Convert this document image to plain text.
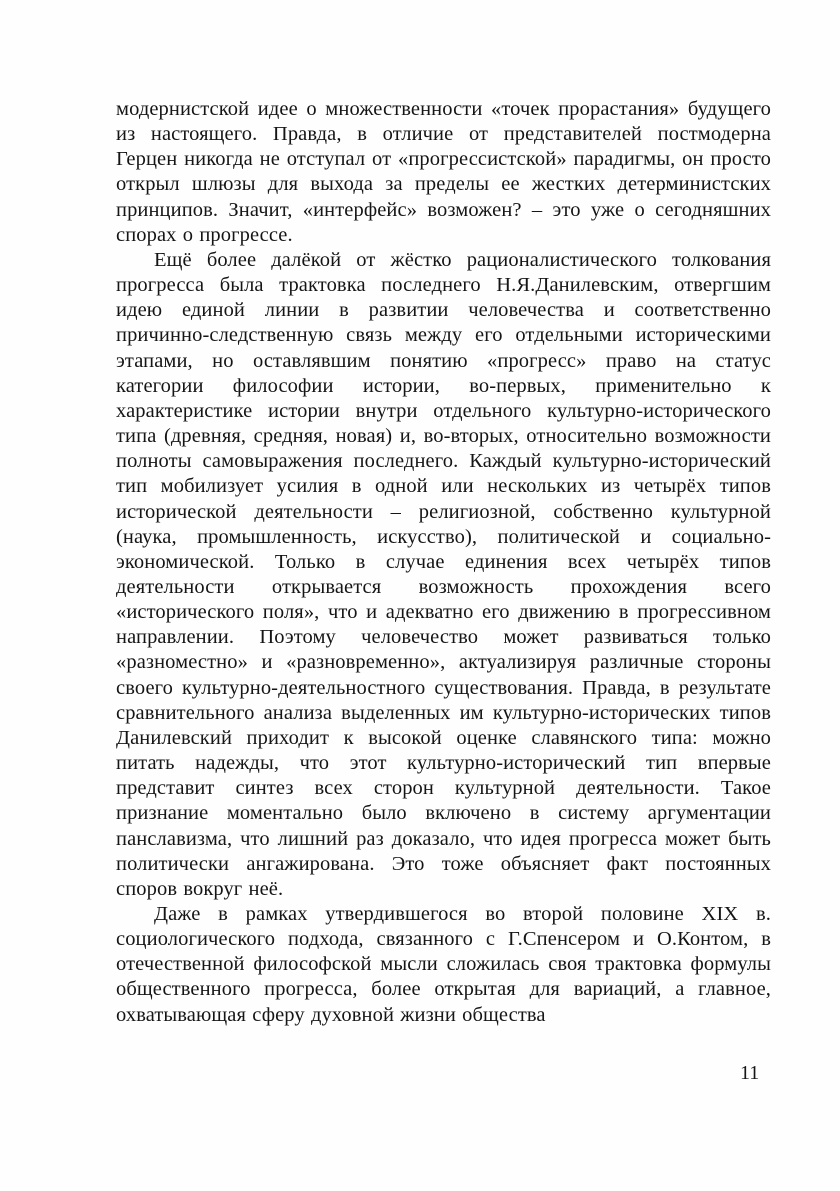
модернистской идее о множественности «точек прорастания» будущего из настоящего. Правда, в отличие от представителей постмодерна Герцен никогда не отступал от «прогрессистской» парадигмы, он просто открыл шлюзы для выхода за пределы ее жестких детерминистских принципов. Значит, «интерфейс» возможен? – это уже о сегодняшних спорах о прогрессе.

Ещё более далёкой от жёстко рационалистического толкования прогресса была трактовка последнего Н.Я.Данилевским, отвергшим идею единой линии в развитии человечества и соответственно причинно-следственную связь между его отдельными историческими этапами, но оставлявшим понятию «прогресс» право на статус категории философии истории, во-первых, применительно к характеристике истории внутри отдельного культурно-исторического типа (древняя, средняя, новая) и, во-вторых, относительно возможности полноты самовыражения последнего. Каждый культурно-исторический тип мобилизует усилия в одной или нескольких из четырёх типов исторической деятельности – религиозной, собственно культурной (наука, промышленность, искусство), политической и социально-экономической. Только в случае единения всех четырёх типов деятельности открывается возможность прохождения всего «исторического поля», что и адекватно его движению в прогрессивном направлении. Поэтому человечество может развиваться только «разноместно» и «разновременно», актуализируя различные стороны своего культурно-деятельностного существования. Правда, в результате сравнительного анализа выделенных им культурно-исторических типов Данилевский приходит к высокой оценке славянского типа: можно питать надежды, что этот культурно-исторический тип впервые представит синтез всех сторон культурной деятельности. Такое признание моментально было включено в систему аргументации панславизма, что лишний раз доказало, что идея прогресса может быть политически ангажирована. Это тоже объясняет факт постоянных споров вокруг неё.

Даже в рамках утвердившегося во второй половине XIX в. социологического подхода, связанного с Г.Спенсером и О.Контом, в отечественной философской мысли сложилась своя трактовка формулы общественного прогресса, более открытая для вариаций, а главное, охватывающая сферу духовной жизни общества

11
